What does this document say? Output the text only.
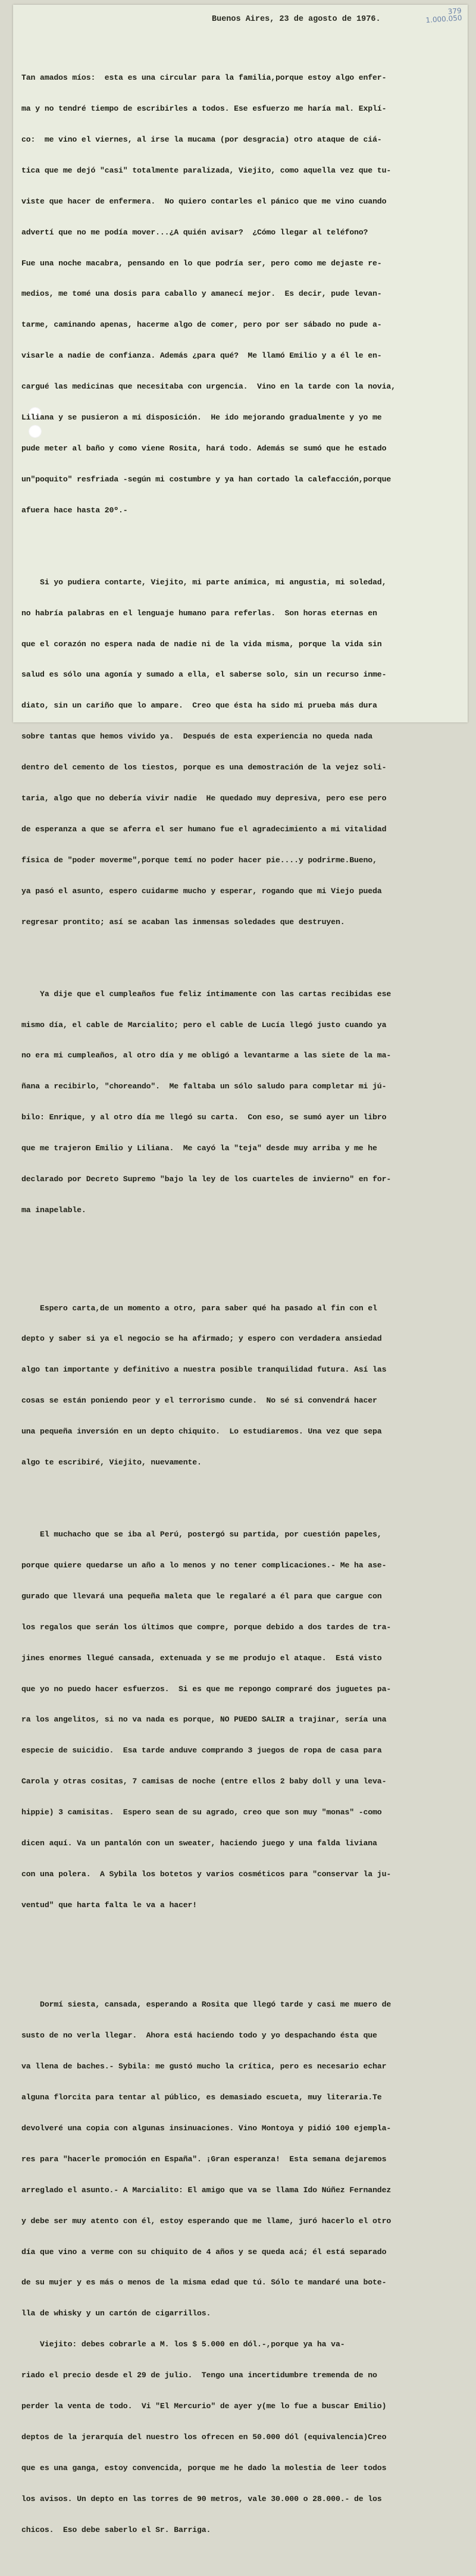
379
1.000.050
Buenos Aires, 23 de agosto de 1976.

Tan amados míos:  esta es una circular para la familia,porque estoy algo enfer-

ma y no tendré tiempo de escribirles a todos. Ese esfuerzo me haría mal. Explí-

co:  me vino el viernes, al irse la mucama (por desgracia) otro ataque de ciá-

tica que me dejó "casi" totalmente paralizada, Viejito, como aquella vez que tu-

viste que hacer de enfermera.  No quiero contarles el pánico que me vino cuando

advertí que no me podía mover...¿A quién avisar?  ¿Cómo llegar al teléfono?

Fue una noche macabra, pensando en lo que podría ser, pero como me dejaste re-

medios, me tomé una dosis para caballo y amanecí mejor.  Es decir, pude levan-

tarme, caminando apenas, hacerme algo de comer, pero por ser sábado no pude a-

visarle a nadie de confianza. Además ¿para qué?  Me llamó Emilio y a él le en-

cargué las medicinas que necesitaba con urgencia.  Vino en la tarde con la novia,

Liliana y se pusieron a mi disposición.  He ido mejorando gradualmente y yo me

pude meter al baño y como viene Rosita, hará todo. Además se sumó que he estado

un"poquito" resfriada -según mi costumbre y ya han cortado la calefacción,porque

afuera hace hasta 20º.-

Si yo pudiera contarte, Viejito, mi parte anímica, mi angustia, mi soledad,

no habría palabras en el lenguaje humano para referlas.  Son horas eternas en

que el corazón no espera nada de nadie ni de la vida misma, porque la vida sin

salud es sólo una agonía y sumado a ella, el saberse solo, sin un recurso inme-

diato, sin un cariño que lo ampare.  Creo que ésta ha sido mi prueba más dura

sobre tantas que hemos vivido ya.  Después de esta experiencia no queda nada

dentro del cemento de los tiestos, porque es una demostración de la vejez soli-

taria, algo que no debería vivir nadie  He quedado muy depresiva, pero ese pero

de esperanza a que se aferra el ser humano fue el agradecimiento a mi vitalidad

física de "poder moverme",porque temí no poder hacer pie....y podrirme.Bueno,

ya pasó el asunto, espero cuidarme mucho y esperar, rogando que mi Viejo pueda

regresar prontito; así se acaban las inmensas soledades que destruyen.

Ya dije que el cumpleaños fue feliz íntimamente con las cartas recibidas ese

mismo día, el cable de Marcialito; pero el cable de Lucía llegó justo cuando ya

no era mi cumpleaños, al otro día y me obligó a levantarme a las siete de la ma-

ñana a recibirlo, "choreando".  Me faltaba un sólo saludo para completar mi jú-

bilo: Enrique, y al otro día me llegó su carta.  Con eso, se sumó ayer un libro

que me trajeron Emilio y Liliana.  Me cayó la "teja" desde muy arriba y me he

declarado por Decreto Supremo "bajo la ley de los cuarteles de invierno" en for-

ma inapelable.

Espero carta,de un momento a otro, para saber qué ha pasado al fin con el

depto y saber si ya el negocio se ha afirmado; y espero con verdadera ansiedad

algo tan importante y definitivo a nuestra posible tranquilidad futura. Así las

cosas se están poniendo peor y el terrorismo cunde.  No sé si convendrá hacer

una pequeña inversión en un depto chiquito.  Lo estudiaremos. Una vez que sepa

algo te escribiré, Viejito, nuevamente.

El muchacho que se iba al Perú, postergó su partida, por cuestión papeles,

porque quiere quedarse un año a lo menos y no tener complicaciones.- Me ha ase-

gurado que llevará una pequeña maleta que le regalaré a él para que cargue con

los regalos que serán los últimos que compre, porque debido a dos tardes de tra-

jines enormes llegué cansada, extenuada y se me produjo el ataque.  Está visto

que yo no puedo hacer esfuerzos.  Si es que me repongo compraré dos juguetes pa-

ra los angelitos, si no va nada es porque, NO PUEDO SALIR a trajinar, sería una

especie de suicidio.  Esa tarde anduve comprando 3 juegos de ropa de casa para

Carola y otras cositas, 7 camisas de noche (entre ellos 2 baby doll y una leva-

hippie) 3 camisitas.  Espero sean de su agrado, creo que son muy "monas" -como

dicen aquí. Va un pantalón con un sweater, haciendo juego y una falda liviana

con una polera.  A Sybila los botetos y varios cosméticos para "conservar la ju-

ventud" que harta falta le va a hacer!

Dormí siesta, cansada, esperando a Rosita que llegó tarde y casi me muero de

susto de no verla llegar.  Ahora está haciendo todo y yo despachando ésta que

va llena de baches.- Sybila: me gustó mucho la crítica, pero es necesario echar

alguna florcita para tentar al público, es demasiado escueta, muy literaria.Te

devolveré una copia con algunas insinuaciones. Vino Montoya y pidió 100 ejempla-

res para "hacerle promoción en España". ¡Gran esperanza!  Esta semana dejaremos

arreglado el asunto.- A Marcialito: El amigo que va se llama Ido Núñez Fernandez

y debe ser muy atento con él, estoy esperando que me llame, juró hacerlo el otro

día que vino a verme con su chiquito de 4 años y se queda acá; él está separado

de su mujer y es más o menos de la misma edad que tú. Sólo te mandaré una bote-

lla de whisky y un cartón de cigarrillos.

Viejito: debes cobrarle a M. los $ 5.000 en dól.-,porque ya ha va-

riado el precio desde el 29 de julio.  Tengo una incertidumbre tremenda de no

perder la venta de todo.  Vi "El Mercurio" de ayer y(me lo fue a buscar Emilio)

deptos de la jerarquía del nuestro los ofrecen en 50.000 dól (equivalencia)Creo

que es una ganga, estoy convencida, porque me he dado la molestia de leer todos

los avisos. Un depto en las torres de 90 metros, vale 30.000 o 28.000.- de los

chicos.  Eso debe saberlo el Sr. Barriga.
